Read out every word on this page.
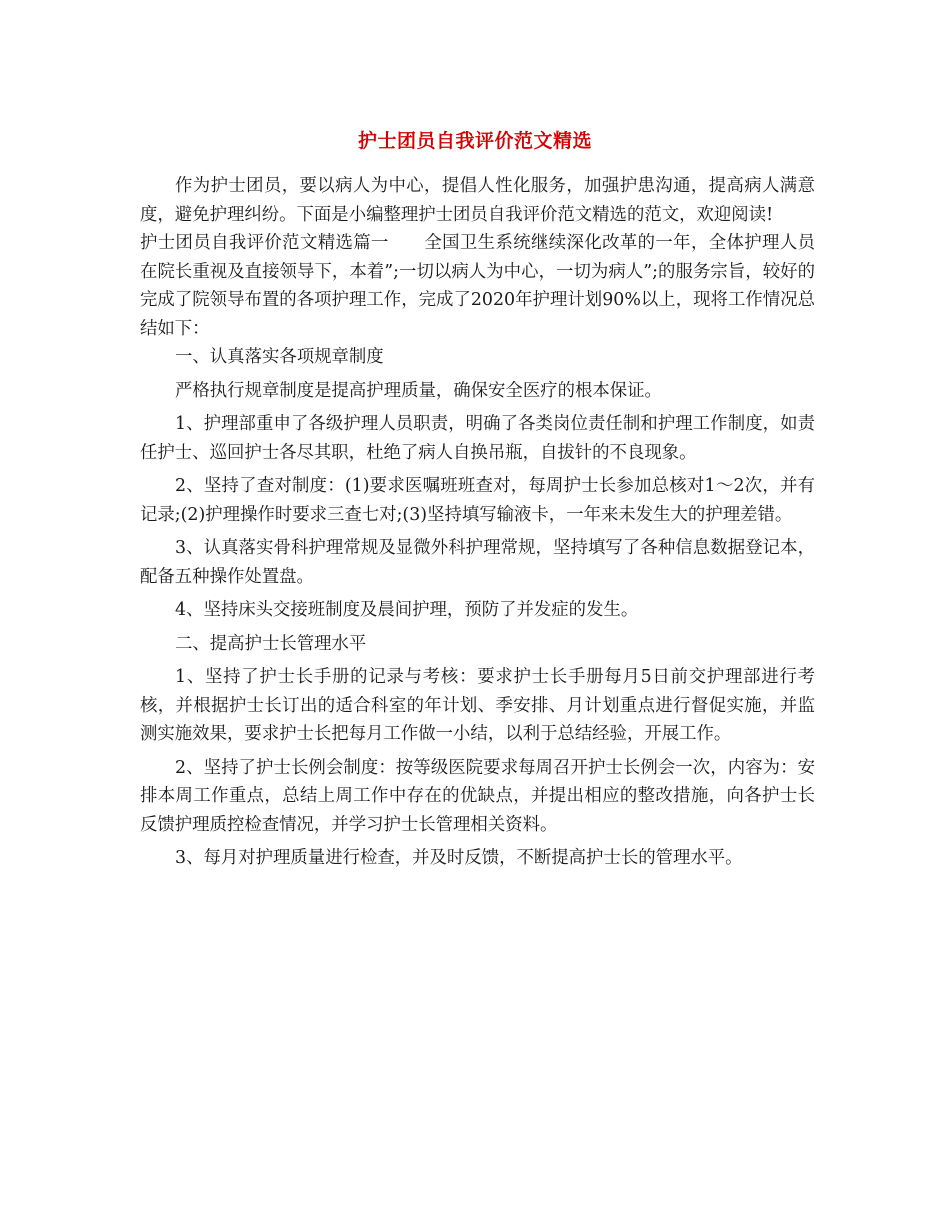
护士团员自我评价范文精选

作为护士团员，要以病人为中心，提倡人性化服务，加强护患沟通，提高病人满意度，避免护理纠纷。下面是小编整理护士团员自我评价范文精选的范文，欢迎阅读!

护士团员自我评价范文精选篇一　　全国卫生系统继续深化改革的一年，全体护理人员在院长重视及直接领导下，本着”;一切以病人为中心，一切为病人”;的服务宗旨，较好的完成了院领导布置的各项护理工作，完成了2020年护理计划90%以上，现将工作情况总结如下：

一、认真落实各项规章制度

严格执行规章制度是提高护理质量，确保安全医疗的根本保证。

1、护理部重申了各级护理人员职责，明确了各类岗位责任制和护理工作制度，如责任护士、巡回护士各尽其职，杜绝了病人自换吊瓶，自拔针的不良现象。

2、坚持了查对制度：(1)要求医嘱班班查对，每周护士长参加总核对1～2次，并有记录;(2)护理操作时要求三查七对;(3)坚持填写输液卡，一年来未发生大的护理差错。

3、认真落实骨科护理常规及显微外科护理常规，坚持填写了各种信息数据登记本，配备五种操作处置盘。

4、坚持床头交接班制度及晨间护理，预防了并发症的发生。

二、提高护士长管理水平

1、坚持了护士长手册的记录与考核：要求护士长手册每月5日前交护理部进行考核，并根据护士长订出的适合科室的年计划、季安排、月计划重点进行督促实施，并监测实施效果，要求护士长把每月工作做一小结，以利于总结经验，开展工作。

2、坚持了护士长例会制度：按等级医院要求每周召开护士长例会一次，内容为：安排本周工作重点，总结上周工作中存在的优缺点，并提出相应的整改措施，向各护士长反馈护理质控检查情况，并学习护士长管理相关资料。

3、每月对护理质量进行检查，并及时反馈，不断提高护士长的管理水平。
